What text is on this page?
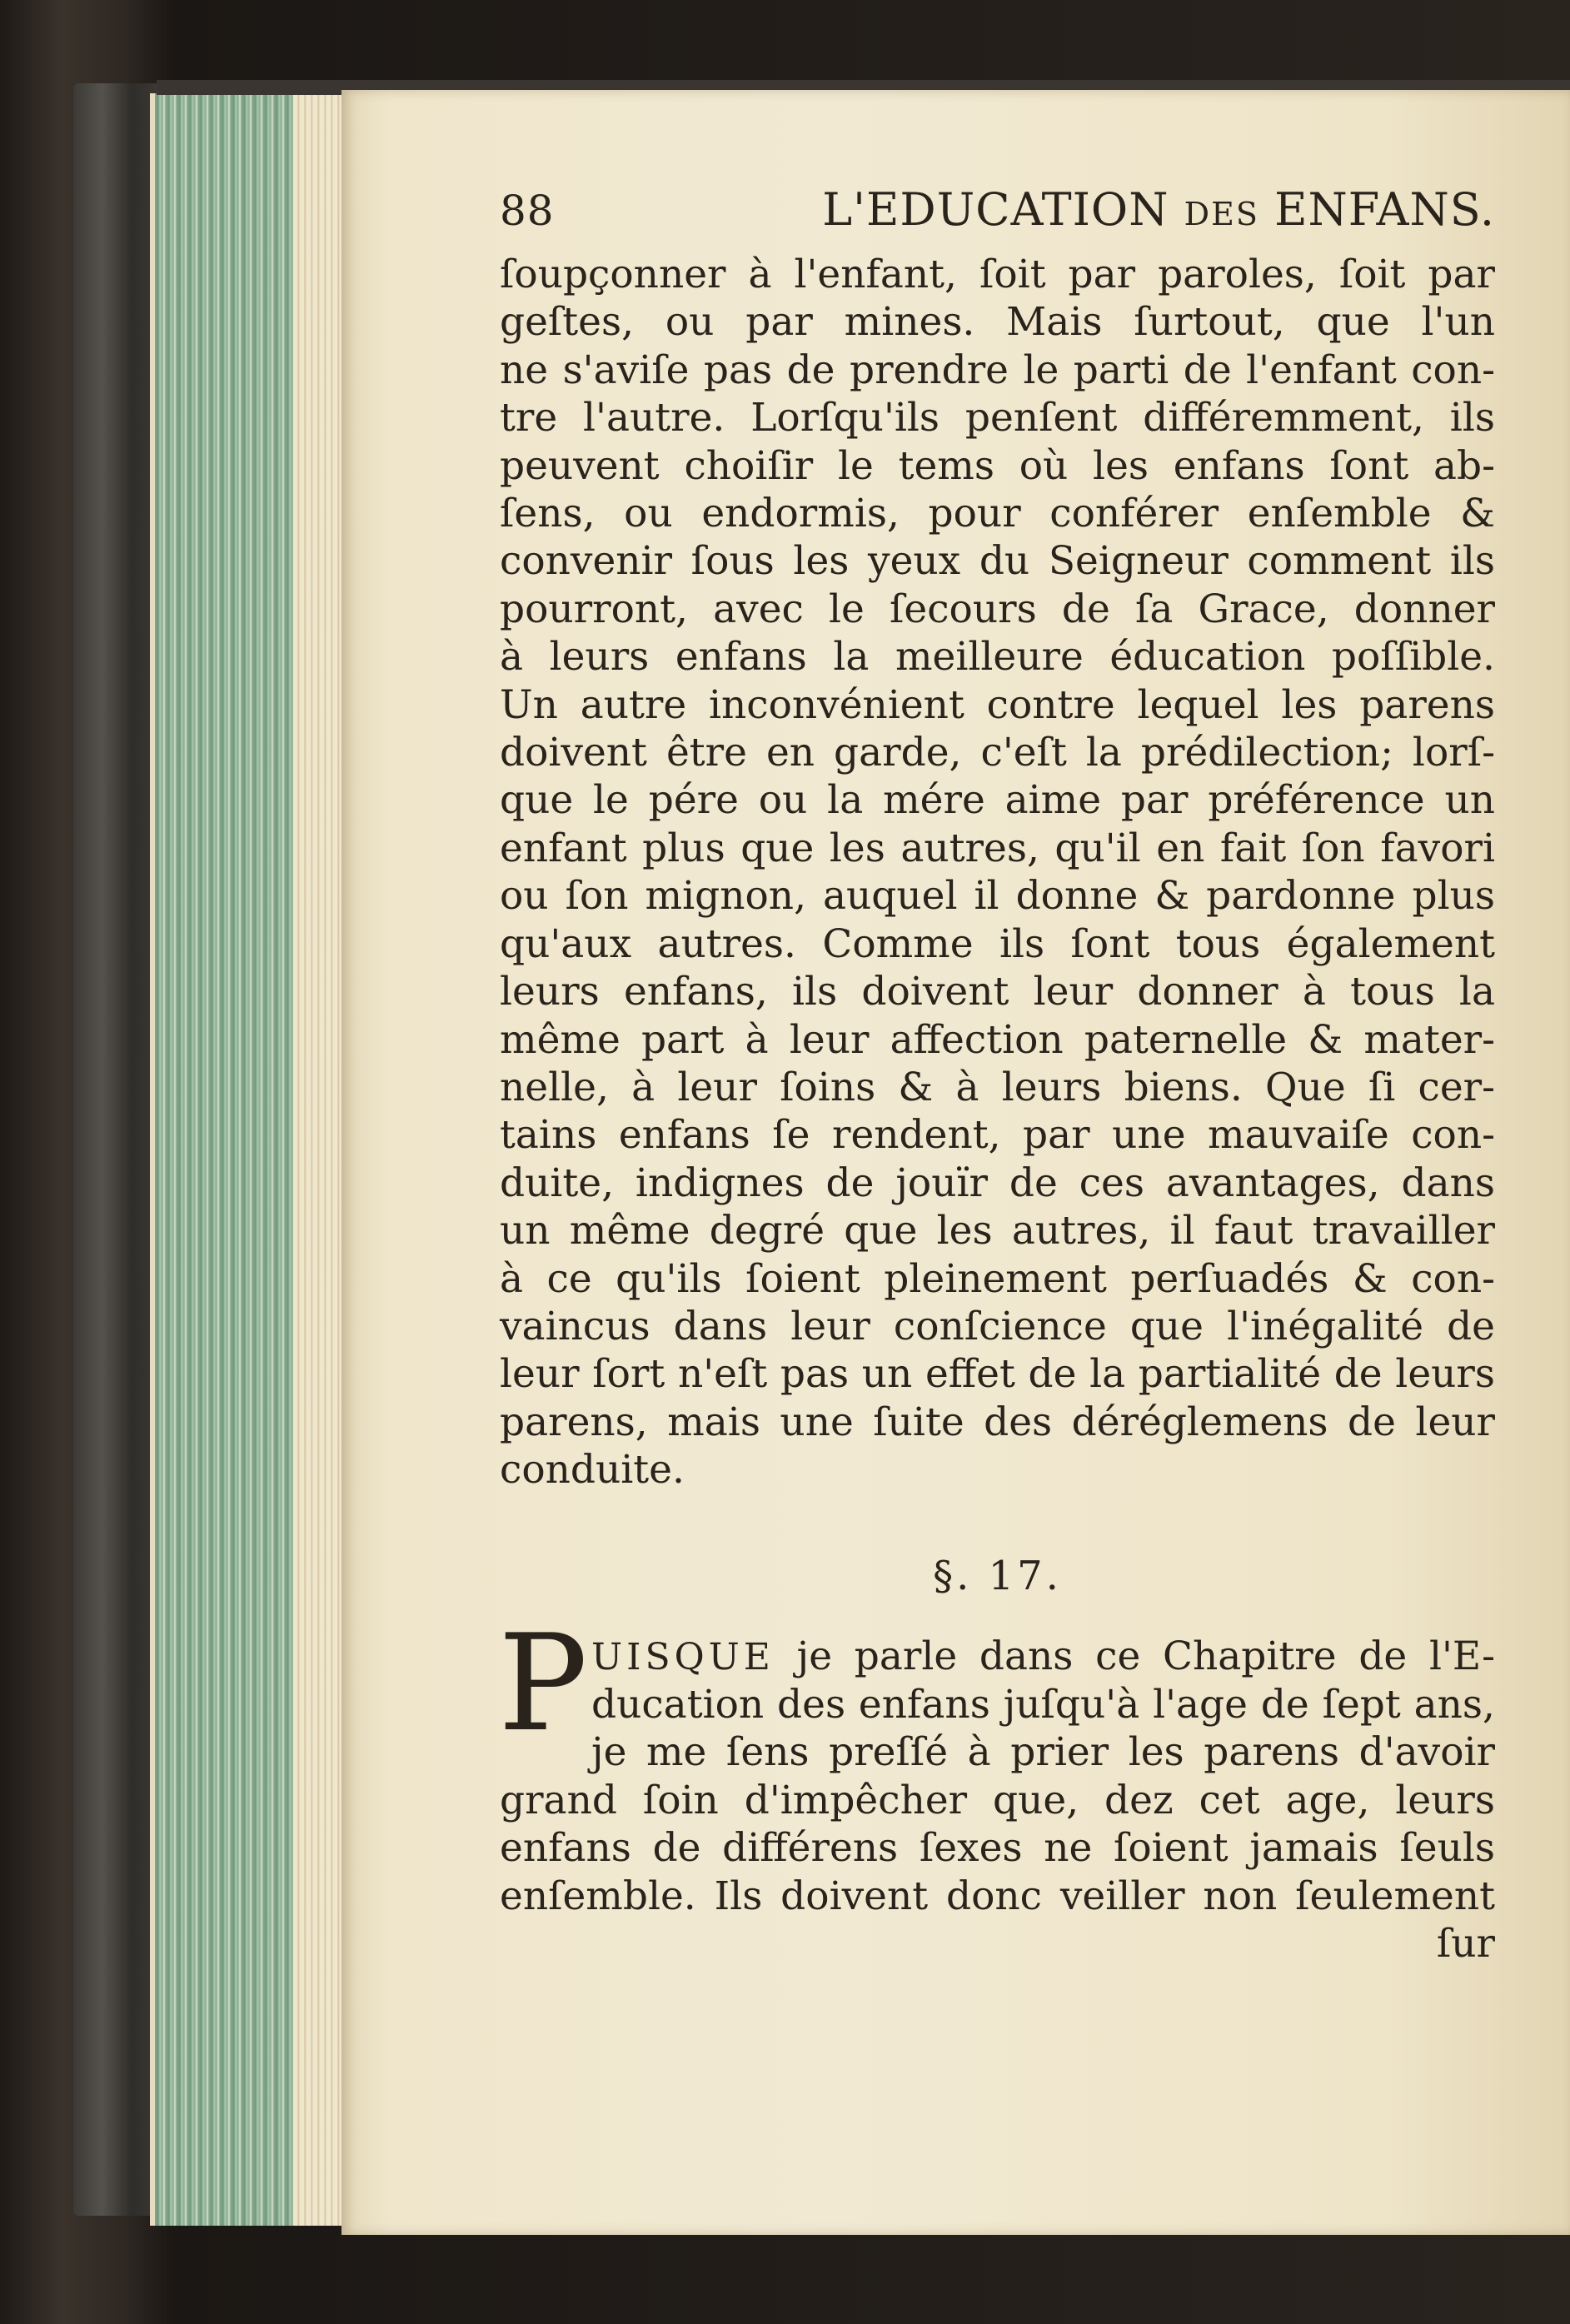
88	L'EDUCATION DES ENFANS.
ſoupçonner à l'enfant, ſoit par paroles, ſoit par
geſtes, ou par mines. Mais ſurtout, que l'un
ne s'aviſe pas de prendre le parti de l'enfant con-
tre l'autre. Lorſqu'ils penſent différemment, ils
peuvent choiſir le tems où les enfans ſont ab-
ſens, ou endormis, pour conférer enſemble &
convenir ſous les yeux du Seigneur comment ils
pourront, avec le ſecours de ſa Grace, donner
à leurs enfans la meilleure éducation poſſible.
Un autre inconvénient contre lequel les parens
doivent être en garde, c'eſt la prédilection; lorſ-
que le pére ou la mére aime par préférence un
enfant plus que les autres, qu'il en fait ſon favori
ou ſon mignon, auquel il donne & pardonne plus
qu'aux autres. Comme ils ſont tous également
leurs enfans, ils doivent leur donner à tous la
même part à leur affection paternelle & mater-
nelle, à leur ſoins & à leurs biens. Que ſi cer-
tains enfans ſe rendent, par une mauvaiſe con-
duite, indignes de jouïr de ces avantages, dans
un même degré que les autres, il faut travailler
à ce qu'ils ſoient pleinement perſuadés & con-
vaincus dans leur conſcience que l'inégalité de
leur ſort n'eſt pas un effet de la partialité de leurs
parens, mais une ſuite des déréglemens de leur
conduite.
§. 17.
P UISQUE je parle dans ce Chapitre de l'E-
ducation des enfans juſqu'à l'age de ſept ans,
je me ſens preſſé à prier les parens d'avoir
grand ſoin d'impêcher que, dez cet age, leurs
enfans de différens ſexes ne ſoient jamais ſeuls
enſemble. Ils doivent donc veiller non ſeulement
ſur
